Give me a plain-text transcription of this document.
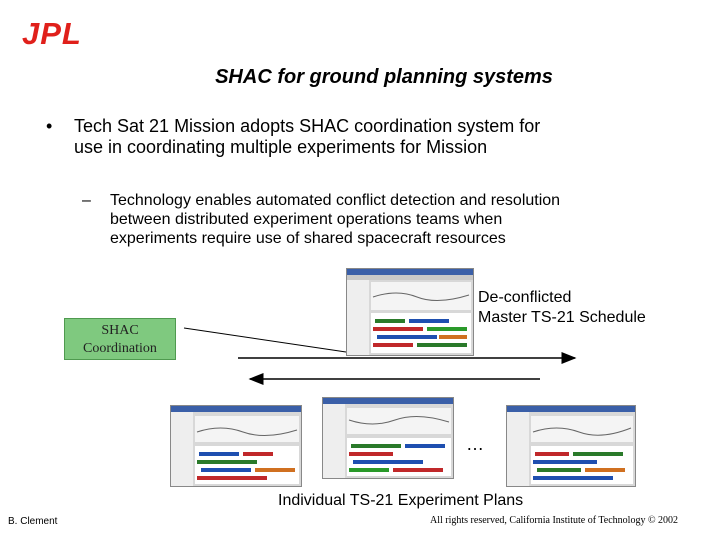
JPL
SHAC for ground planning systems
• Tech Sat 21 Mission adopts SHAC coordination system for use in coordinating multiple experiments for Mission
– Technology enables automated conflict detection and resolution between distributed experiment operations teams when experiments require use of shared spacecraft resources
SHAC
Coordination
De-conflicted
Master TS-21 Schedule
…
Individual TS-21 Experiment Plans
B. Clement	All rights reserved, California Institute of Technology © 2002
